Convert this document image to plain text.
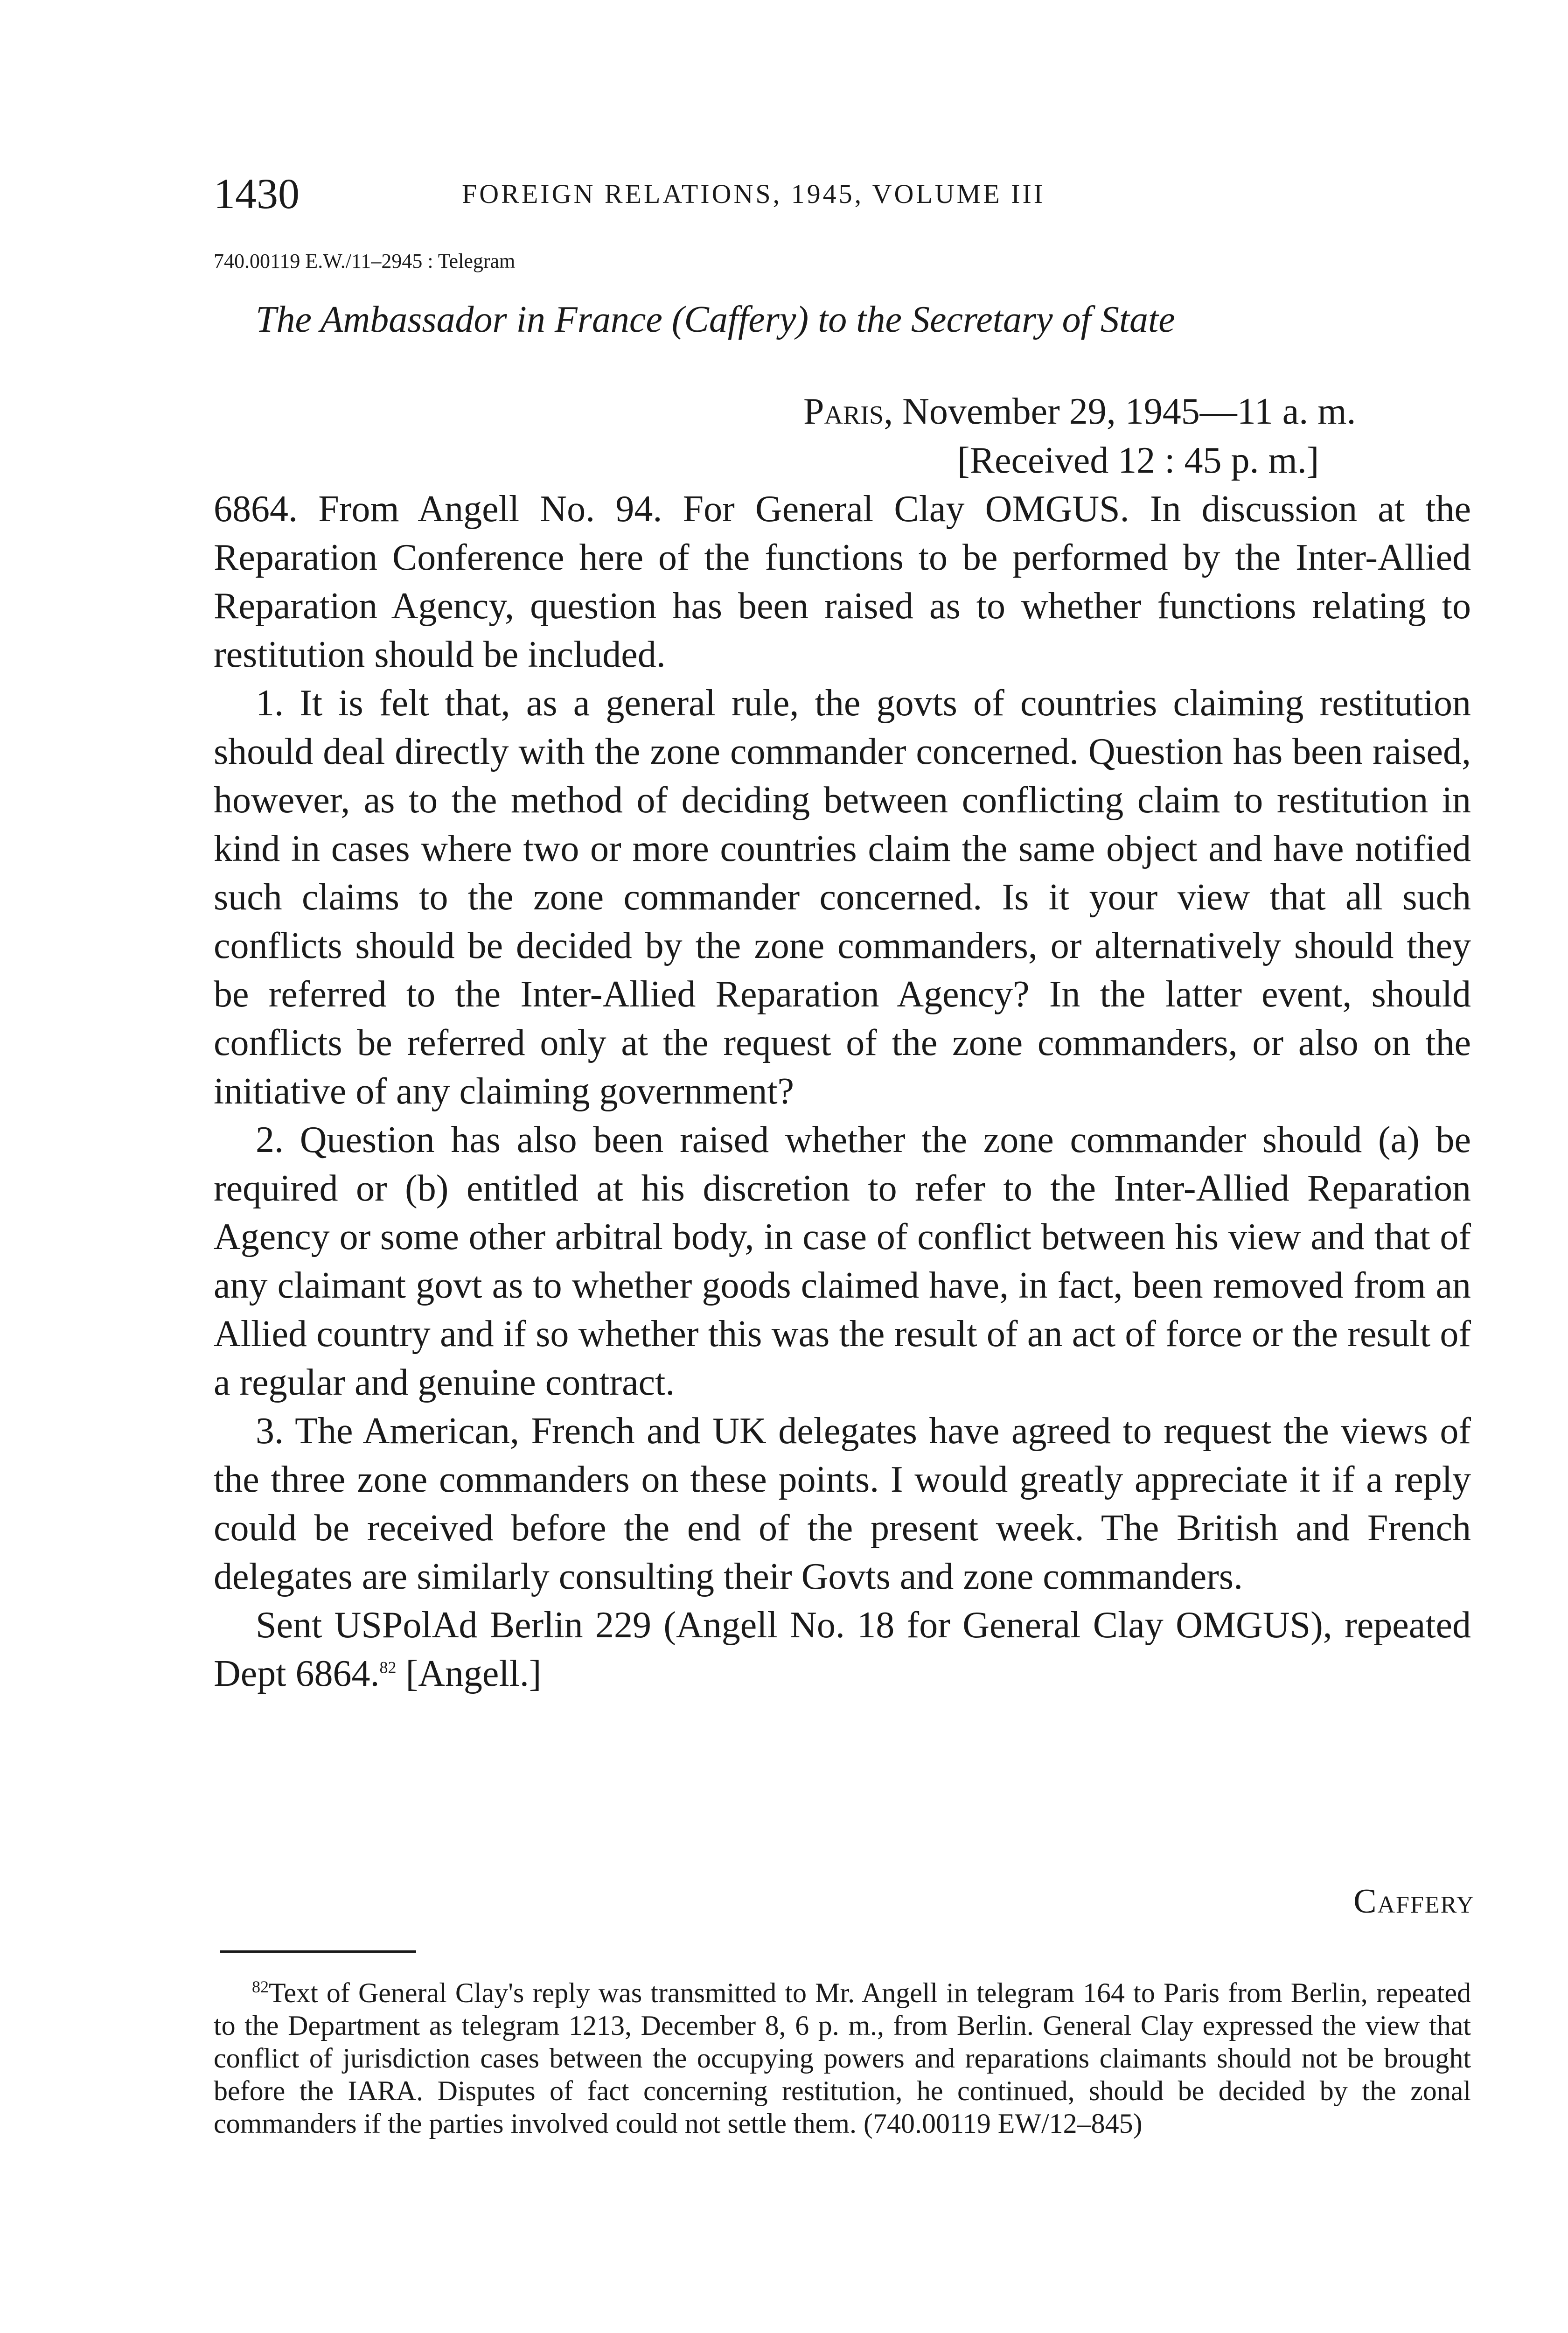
1430	FOREIGN RELATIONS, 1945, VOLUME III
740.00119 E.W./11–2945 : Telegram
The Ambassador in France (Caffery) to the Secretary of State
Paris, November 29, 1945—11 a. m.
[Received 12 : 45 p. m.]

6864. From Angell No. 94. For General Clay OMGUS. In discussion at the Reparation Conference here of the functions to be performed by the Inter-Allied Reparation Agency, question has been raised as to whether functions relating to restitution should be included.

1. It is felt that, as a general rule, the govts of countries claiming restitution should deal directly with the zone commander concerned. Question has been raised, however, as to the method of deciding between conflicting claim to restitution in kind in cases where two or more countries claim the same object and have notified such claims to the zone commander concerned. Is it your view that all such conflicts should be decided by the zone commanders, or alternatively should they be referred to the Inter-Allied Reparation Agency? In the latter event, should conflicts be referred only at the request of the zone commanders, or also on the initiative of any claiming government?

2. Question has also been raised whether the zone commander should (a) be required or (b) entitled at his discretion to refer to the Inter-Allied Reparation Agency or some other arbitral body, in case of conflict between his view and that of any claimant govt as to whether goods claimed have, in fact, been removed from an Allied country and if so whether this was the result of an act of force or the result of a regular and genuine contract.

3. The American, French and UK delegates have agreed to request the views of the three zone commanders on these points. I would greatly appreciate it if a reply could be received before the end of the present week. The British and French delegates are similarly consulting their Govts and zone commanders.

Sent USPolAd Berlin 229 (Angell No. 18 for General Clay OMGUS), repeated Dept 6864.82 [Angell.]

Caffery
$^{82}$Text of General Clay's reply was transmitted to Mr. Angell in telegram 164 to Paris from Berlin, repeated to the Department as telegram 1213, December 8, 6 p. m., from Berlin. General Clay expressed the view that conflict of jurisdiction cases between the occupying powers and reparations claimants should not be brought before the IARA. Disputes of fact concerning restitution, he continued, should be decided by the zonal commanders if the parties involved could not settle them. (740.00119 EW/12–845)
